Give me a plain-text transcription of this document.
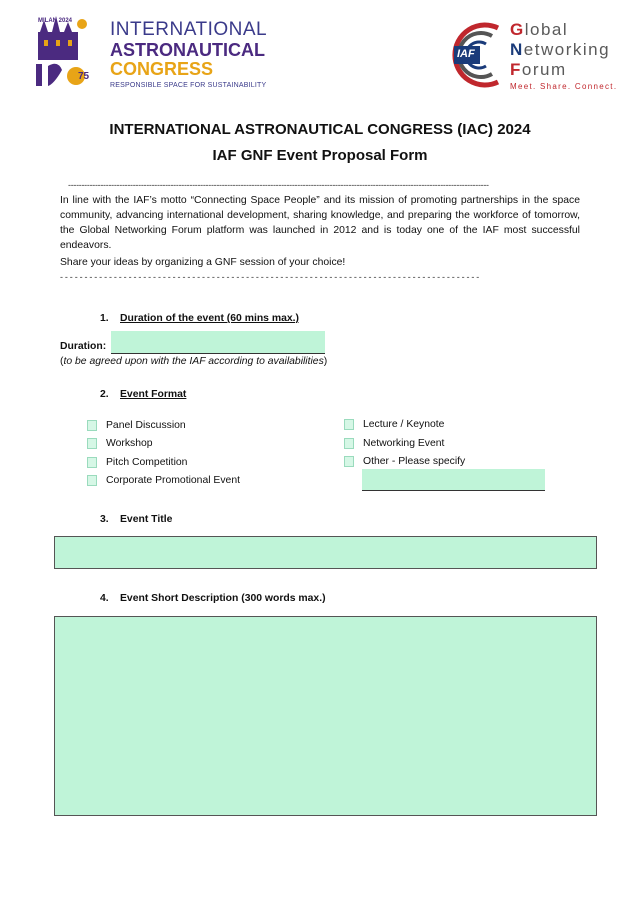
MILAN 2024
75
INTERNATIONAL
ASTRONAUTICAL
CONGRESS
RESPONSIBLE SPACE FOR SUSTAINABILITY
IAF
Global
Networking
Forum
Meet. Share. Connect.
INTERNATIONAL ASTRONAUTICAL CONGRESS (IAC) 2024
IAF GNF Event Proposal Form
------------------------------------------------------------------------------------------------------------------------------------------------------------
In line with the IAF’s motto “Connecting Space People” and its mission of promoting partnerships in the space community, advancing international development, sharing knowledge, and preparing the workforce of tomorrow, the Global Networking Forum platform was launched in 2012 and is today one of the IAF most successful endeavors.
Share your ideas by organizing a GNF session of your choice!
- - - - - - - - - - - - - - - - - - - - - - - - - - - - - - - - - - - - - - - - - - - - - - - - - - - - - - - - - - - - - - - - - - - - - - - - - - - - - - - - - - - - - -
1. Duration of the event (60 mins max.)
Duration:
(to be agreed upon with the IAF according to availabilities)
2. Event Format
Panel Discussion
Workshop
Pitch Competition
Corporate Promotional Event
Lecture / Keynote
Networking Event
Other - Please specify
3. Event Title
4. Event Short Description (300 words max.)
